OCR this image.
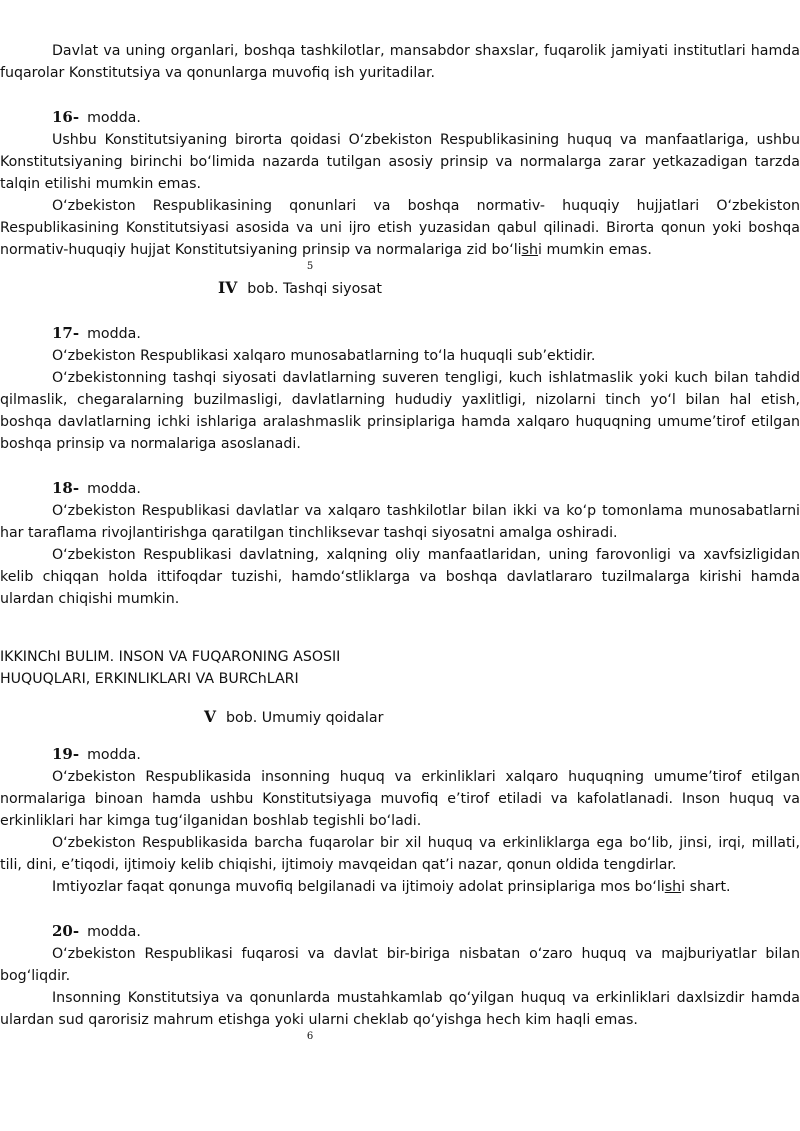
Davlat va uning organlari, boshqa tashkilotlar, mansabdor shaxslar, fuqarolik jamiyati institutlari hamda fuqarolar Konstitutsiya va qonunlarga muvofiq ish yuritadilar.

16- modda.

Ushbu Konstitutsiyaning birorta qoidasi O‘zbekiston Respublikasining huquq va manfaatlariga, ushbu Konstitutsiyaning birinchi bo‘limida nazarda tutilgan asosiy prinsip va normalarga zarar yetkazadigan tarzda talqin etilishi mumkin emas.

O‘zbekiston Respublikasining qonunlari va boshqa normativ- huquqiy hujjatlari O‘zbekiston Respublikasining Konstitutsiyasi asosida va uni ijro etish yuzasidan qabul qilinadi. Birorta qonun yoki boshqa normativ-huquqiy hujjat Konstitutsiyaning prinsip va normalariga zid bo‘lishi mumkin emas.

5
IV bob. Tashqi siyosat
17- modda.

O‘zbekiston Respublikasi xalqaro munosabatlarning to‘la huquqli sub’ektidir.

O‘zbekistonning tashqi siyosati davlatlarning suveren tengligi, kuch ishlatmaslik yoki kuch bilan tahdid qilmaslik, chegaralarning buzilmasligi, davlatlarning hududiy yaxlitligi, nizolarni tinch yo‘l bilan hal etish, boshqa davlatlarning ichki ishlariga aralashmaslik prinsiplariga hamda xalqaro huquqning umume’tirof etilgan boshqa prinsip va normalariga asoslanadi.

18- modda.

O‘zbekiston Respublikasi davlatlar va xalqaro tashkilotlar bilan ikki va ko‘p tomonlama munosabatlarni har taraflama rivojlantirishga qaratilgan tinchliksevar tashqi siyosatni amalga oshiradi.

O‘zbekiston Respublikasi davlatning, xalqning oliy manfaatlaridan, uning farovonligi va xavfsizligidan kelib chiqqan holda ittifoqdar tuzishi, hamdo‘stliklarga va boshqa davlatlararo tuzilmalarga kirishi hamda ulardan chiqishi mumkin.

IKKINChI BULIM. INSON VA FUQARONING ASOSII
HUQUQLARI, ERKINLIKLARI VA BURChLARI
V bob. Umumiy qoidalar
19- modda.

O‘zbekiston Respublikasida insonning huquq va erkinliklari xalqaro huquqning umume’tirof etilgan normalariga binoan hamda ushbu Konstitutsiyaga muvofiq e’tirof etiladi va kafolatlanadi. Inson huquq va erkinliklari har kimga tug‘ilganidan boshlab tegishli bo‘ladi.

O‘zbekiston Respublikasida barcha fuqarolar bir xil huquq va erkinliklarga ega bo‘lib, jinsi, irqi, millati, tili, dini, e’tiqodi, ijtimoiy kelib chiqishi, ijtimoiy mavqeidan qat’i nazar, qonun oldida tengdirlar.

Imtiyozlar faqat qonunga muvofiq belgilanadi va ijtimoiy adolat prinsiplariga mos bo‘lishi shart.

20- modda.

O‘zbekiston Respublikasi fuqarosi va davlat bir-biriga nisbatan o‘zaro huquq va majburiyatlar bilan bog‘liqdir.

Insonning Konstitutsiya va qonunlarda mustahkamlab qo‘yilgan huquq va erkinliklari daxlsizdir hamda ulardan sud qarorisiz mahrum etishga yoki ularni cheklab qo‘yishga hech kim haqli emas.

6
